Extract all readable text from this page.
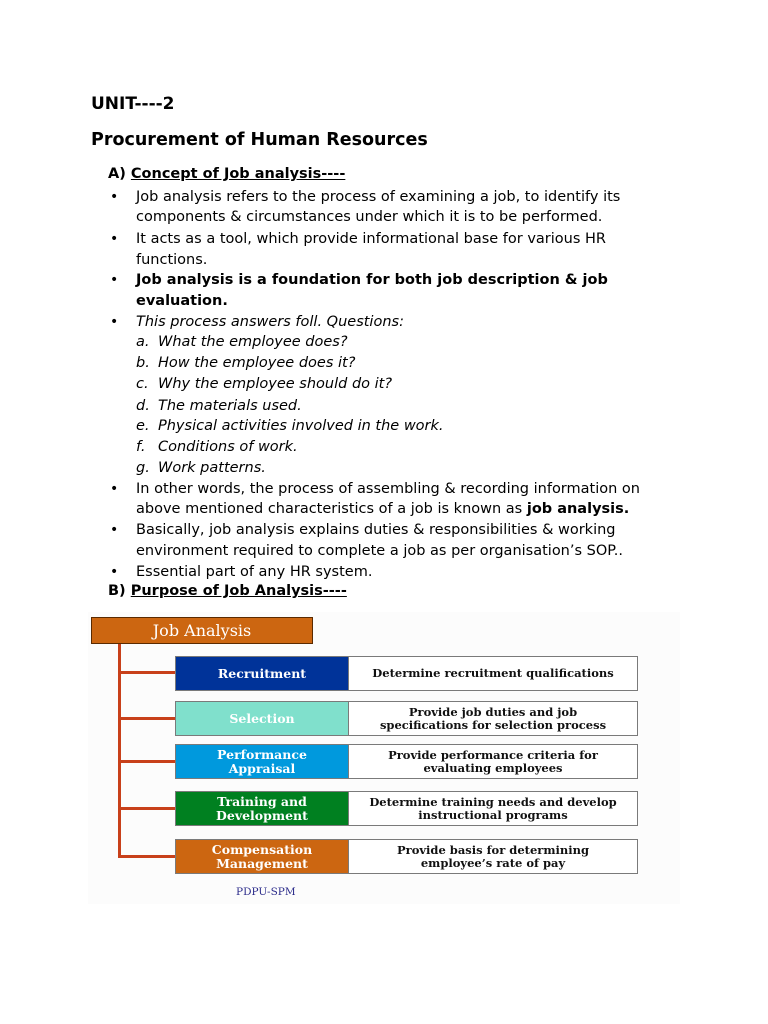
UNIT----2
Procurement of Human Resources
A) Concept of Job analysis----
• Job analysis refers to the process of examining a job, to identify its
components & circumstances under which it is to be performed.
• It acts as a tool, which provide informational base for various HR
functions.
• Job analysis is a foundation for both job description & job
evaluation.
• This process answers foll. Questions:
a. What the employee does?
b. How the employee does it?
c. Why the employee should do it?
d. The materials used.
e. Physical activities involved in the work.
f. Conditions of work.
g. Work patterns.
• In other words, the process of assembling & recording information on
above mentioned characteristics of a job is known as job analysis.
• Basically, job analysis explains duties & responsibilities & working
environment required to complete a job as per organisation’s SOP..
• Essential part of any HR system.
B) Purpose of Job Analysis----
Job Analysis
Recruitment	Determine recruitment qualifications
Selection	Provide job duties and job
specifications for selection process
Performance
Appraisal
Provide performance criteria for
evaluating employees
Training and
Development
Determine training needs and develop
instructional programs
Compensation
Management
Provide basis for determining
employee’s rate of pay
PDPU-SPM
